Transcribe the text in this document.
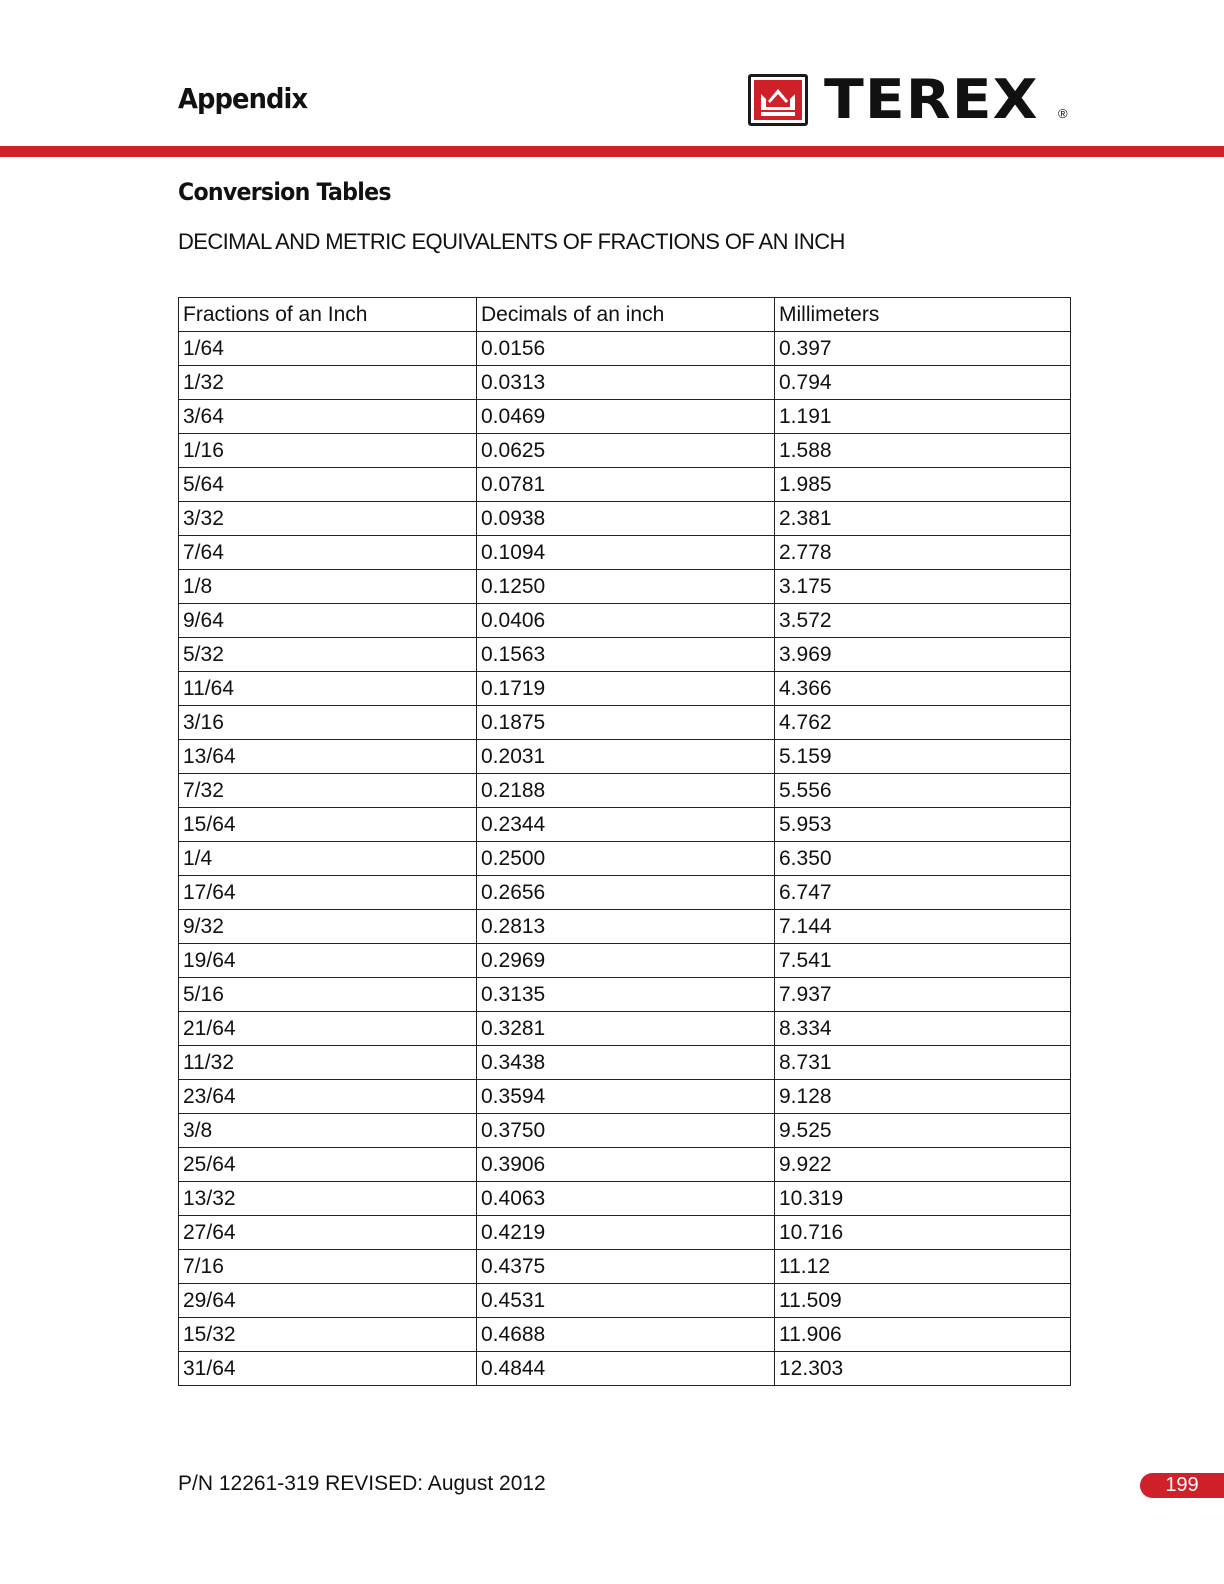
Appendix	TEREX ®
Conversion Tables

DECIMAL AND METRIC EQUIVALENTS OF FRACTIONS OF AN INCH

Fractions of an Inch	Decimals of an inch	Millimeters
1/64	0.0156	0.397
1/32	0.0313	0.794
3/64	0.0469	1.191
1/16	0.0625	1.588
5/64	0.0781	1.985
3/32	0.0938	2.381
7/64	0.1094	2.778
1/8	0.1250	3.175
9/64	0.0406	3.572
5/32	0.1563	3.969
11/64	0.1719	4.366
3/16	0.1875	4.762
13/64	0.2031	5.159
7/32	0.2188	5.556
15/64	0.2344	5.953
1/4	0.2500	6.350
17/64	0.2656	6.747
9/32	0.2813	7.144
19/64	0.2969	7.541
5/16	0.3135	7.937
21/64	0.3281	8.334
11/32	0.3438	8.731
23/64	0.3594	9.128
3/8	0.3750	9.525
25/64	0.3906	9.922
13/32	0.4063	10.319
27/64	0.4219	10.716
7/16	0.4375	11.12
29/64	0.4531	11.509
15/32	0.4688	11.906
31/64	0.4844	12.303
P/N 12261-319 REVISED: August 2012	199
